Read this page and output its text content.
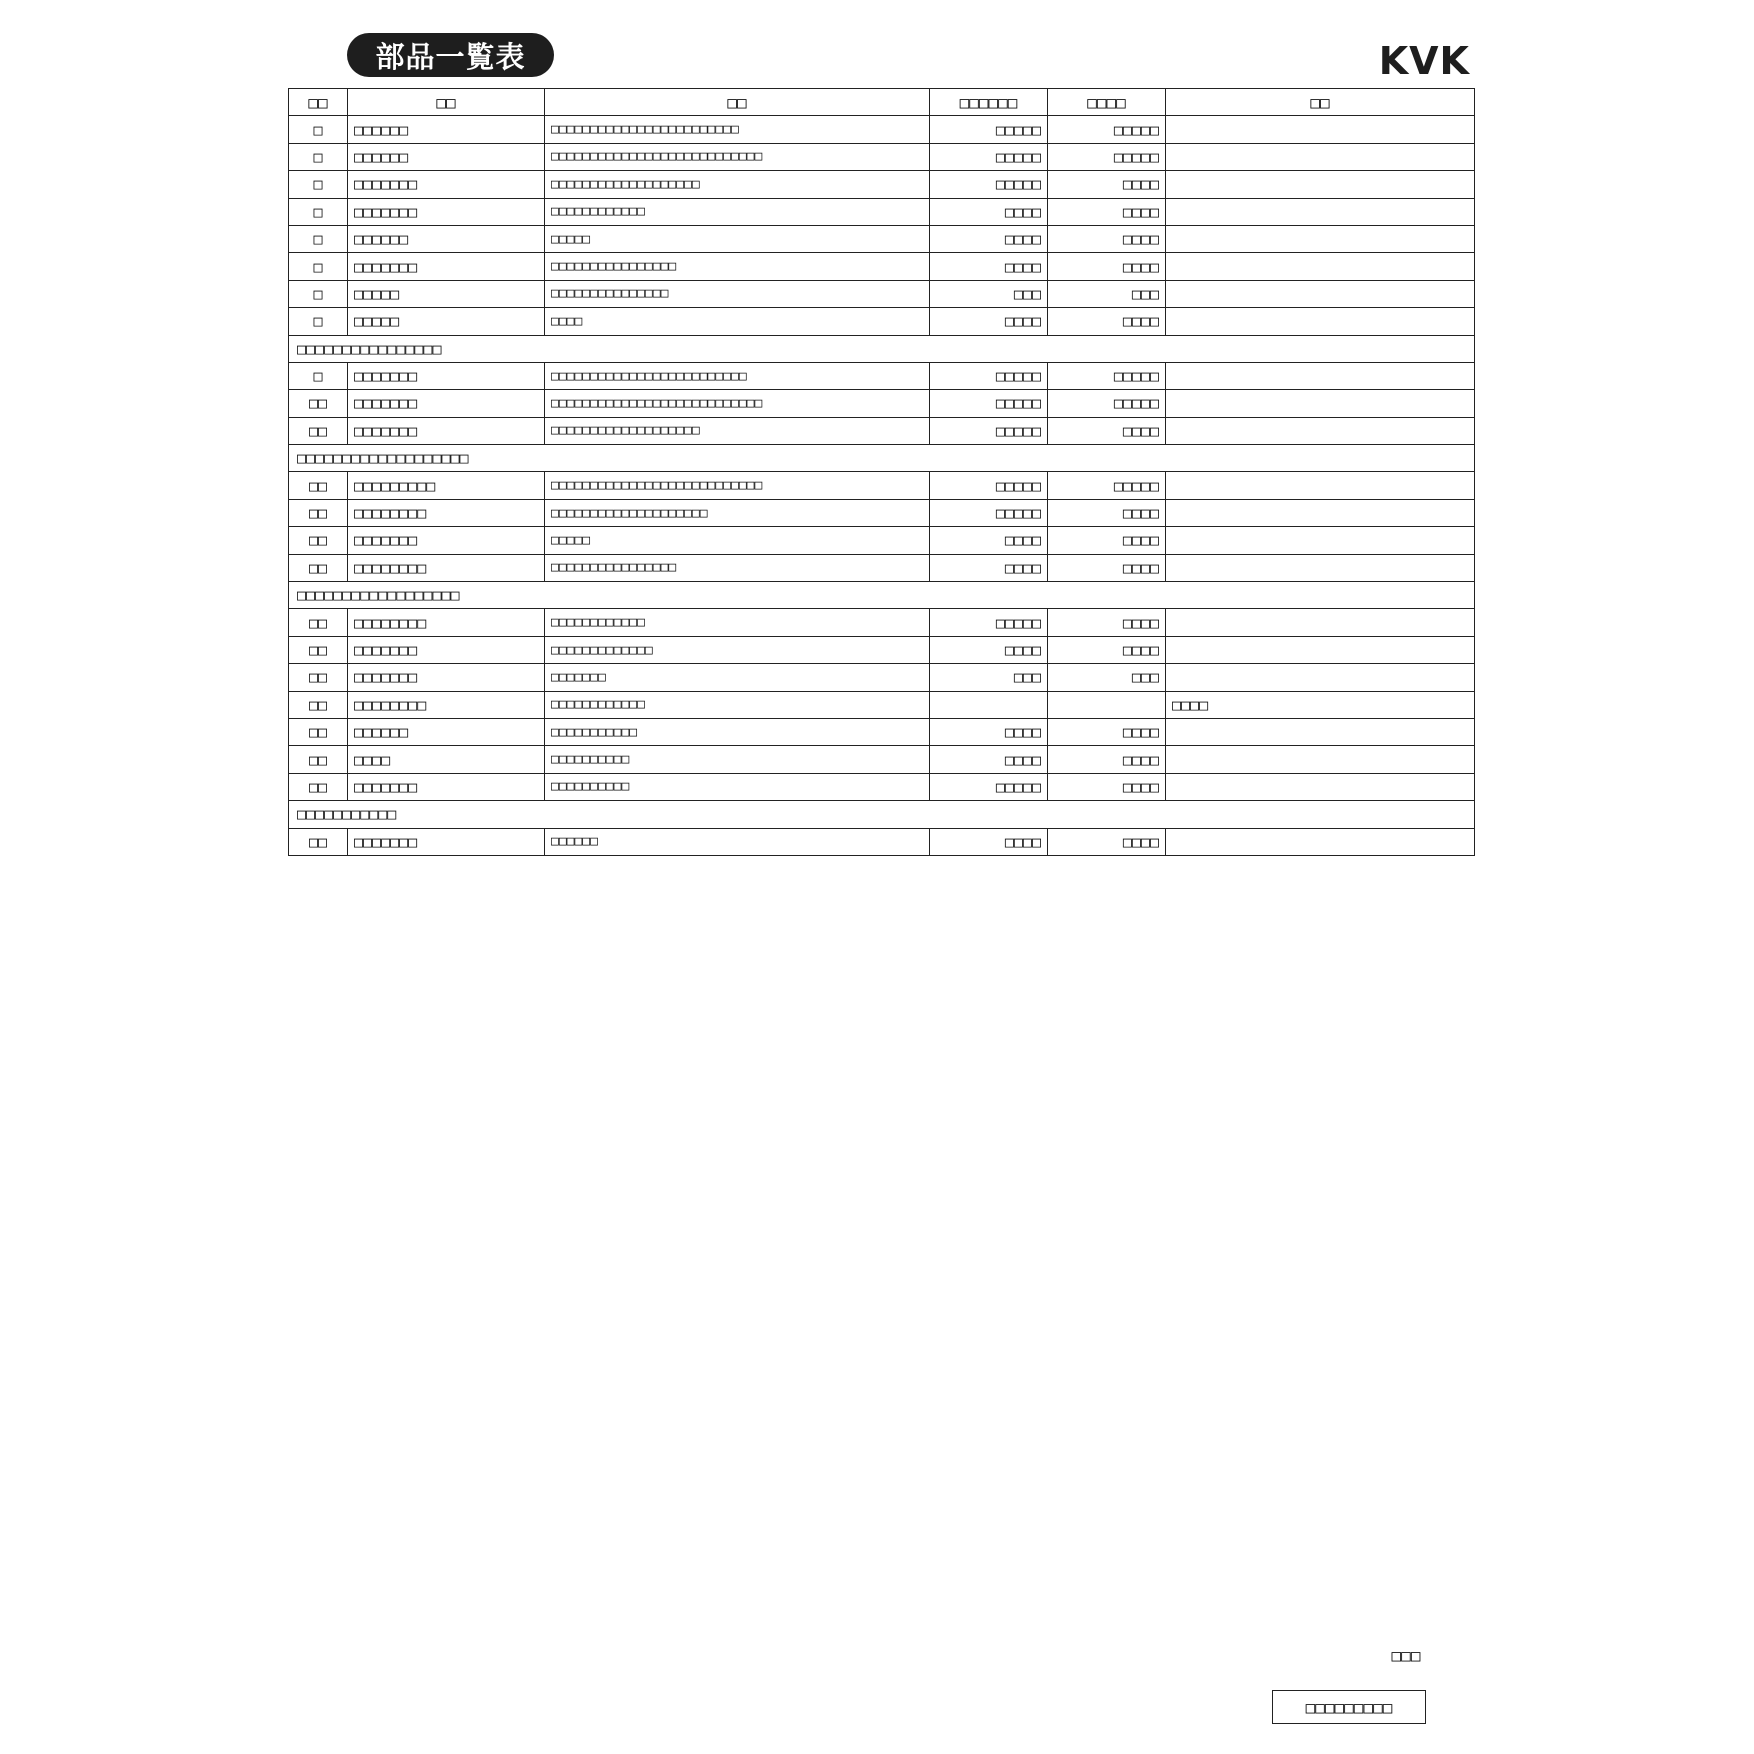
部品一覧表	KVK
□□	□□	□□	□□□□□□	□□□□	□□
□	□□□□□□	□□□□□□□□□□□□□□□□□□□□□□□□	□□□□□	□□□□□	
□	□□□□□□	□□□□□□□□□□□□□□□□□□□□□□□□□□□	□□□□□	□□□□□	
□	□□□□□□□	□□□□□□□□□□□□□□□□□□□	□□□□□	□□□□	
□	□□□□□□□	□□□□□□□□□□□□	□□□□	□□□□	
□	□□□□□□	□□□□□	□□□□	□□□□	
□	□□□□□□□	□□□□□□□□□□□□□□□□	□□□□	□□□□	
□	□□□□□	□□□□□□□□□□□□□□□	□□□	□□□	
□	□□□□□	□□□□	□□□□	□□□□	
□□□□□□□□□□□□□□□□					
□	□□□□□□□	□□□□□□□□□□□□□□□□□□□□□□□□□	□□□□□	□□□□□	
□□	□□□□□□□	□□□□□□□□□□□□□□□□□□□□□□□□□□□	□□□□□	□□□□□	
□□	□□□□□□□	□□□□□□□□□□□□□□□□□□□	□□□□□	□□□□	
□□□□□□□□□□□□□□□□□□□					
□□	□□□□□□□□□	□□□□□□□□□□□□□□□□□□□□□□□□□□□	□□□□□	□□□□□	
□□	□□□□□□□□	□□□□□□□□□□□□□□□□□□□□	□□□□□	□□□□	
□□	□□□□□□□	□□□□□	□□□□	□□□□	
□□	□□□□□□□□	□□□□□□□□□□□□□□□□	□□□□	□□□□	
□□□□□□□□□□□□□□□□□□					
□□	□□□□□□□□	□□□□□□□□□□□□	□□□□□	□□□□	
□□	□□□□□□□	□□□□□□□□□□□□□	□□□□	□□□□	
□□	□□□□□□□	□□□□□□□	□□□	□□□	
□□	□□□□□□□□	□□□□□□□□□□□□			□□□□
□□	□□□□□□	□□□□□□□□□□□	□□□□	□□□□	
□□	□□□□	□□□□□□□□□□	□□□□	□□□□	
□□	□□□□□□□	□□□□□□□□□□	□□□□□	□□□□	
□□□□□□□□□□□					
□□	□□□□□□□	□□□□□□	□□□□	□□□□	
□□□
□□□□□□□□□
